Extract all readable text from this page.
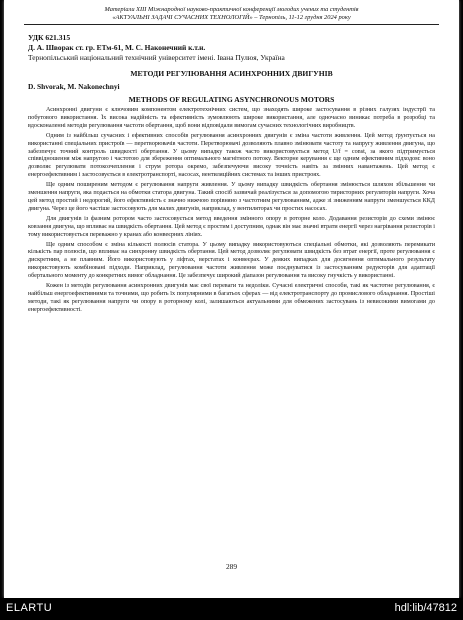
Матеріали ХІІІ Міжнародної науково-практичної конференції молодих учених та студентів
«АКТУАЛЬНІ ЗАДАЧІ СУЧАСНИХ ТЕХНОЛОГІЙ» – Тернопіль, 11-12 грудня 2024 року
УДК 621.315
Д. А. Шворак ст. гр. ЕТм-61, М. С. Наконечний к.т.н.
Тернопільський національний технічний університет імені. Івана Пулюя, Україна
МЕТОДИ РЕГУЛЮВАННЯ АСИНХРОННИХ ДВИГУНІВ
D. Shvorak, M. Nakonechnyi
METHODS OF REGULATING ASYNCHRONOUS MOTORS

Асинхронні двигуни є ключовим компонентом електротехнічних систем, що знаходять широке застосування в різних галузях індустрії та побутового використання. Їх висока надійність та ефективність зумовлюють широке використання, але одночасно виникає потреба в розробці та вдосконаленні методів регулювання частоти обертання, щоб вони відповідали вимогам сучасних технологічних виробництв.

Одним із найбільш сучасних і ефективних способів регулювання асинхронних двигунів є зміна частоти живлення. Цей метод ґрунтується на використанні спеціальних пристроїв — перетворювачів частоти. Перетворювачі дозволяють плавно змінювати частоту та напругу живлення двигуна, що забезпечує точний контроль швидкості обертання. У цьому випадку також часто використовується метод U/f = const, за якого підтримується співвідношення між напругою і частотою для збереження оптимального магнітного потоку. Векторне керування є ще одним ефективним підходом: воно дозволяє регулювати потокозчеплення і струм ротора окремо, забезпечуючи високу точність навіть за змінних навантажень. Цей метод є енергоефективним і застосовується в електротранспорті, насосах, вентиляційних системах та інших пристроях.

Ще одним поширеним методом є регулювання напруги живлення. У цьому випадку швидкість обертання змінюється шляхом збільшення чи зменшення напруги, яка подається на обмотки статора двигуна. Такий спосіб зазвичай реалізується за допомогою тиристорних регуляторів напруги. Хоча цей метод простий і недорогий, його ефективність є значно нижчою порівняно з частотним регулюванням, адже зі зниженням напруги зменшується ККД двигуна. Через це його частіше застосовують для малих двигунів, наприклад, у вентиляторах чи простих насосах.

Для двигунів із фазним ротором часто застосовується метод введення змінного опору в роторне коло. Додавання резисторів до схеми змінює ковзання двигуна, що впливає на швидкість обертання. Цей метод є простим і доступним, однак він має значні втрати енергії через нагрівання резисторів і тому використовується переважно у кранах або конвеєрних лініях.

Ще одним способом є зміна кількості полюсів статора. У цьому випадку використовуються спеціальні обмотки, які дозволяють перемикати кількість пар полюсів, що впливає на синхронну швидкість обертання. Цей метод дозволяє регулювати швидкість без втрат енергії, проте регулювання є дискретним, а не плавним. Його використовують у ліфтах, верстатах і конвеєрах. У деяких випадках для досягнення оптимального результату використовують комбіновані підходи. Наприклад, регулювання частоти живлення може поєднуватися із застосуванням редукторів для адаптації обертального моменту до конкретних вимог обладнання. Це забезпечує широкий діапазон регулювання та високу гнучкість у використанні.

Кожен із методів регулювання асинхронних двигунів має свої переваги та недоліки. Сучасні електричні способи, такі як частотне регулювання, є найбільш енергоефективними та точними, що робить їх популярними в багатьох сферах — від електротранспорту до промислового обладнання. Простіші методи, такі як регулювання напруги чи опору в роторному колі, залишаються актуальними для обмежених застосувань із невисокими вимогами до енергоефективності.

289
ELARTU	hdl:lib/47812
